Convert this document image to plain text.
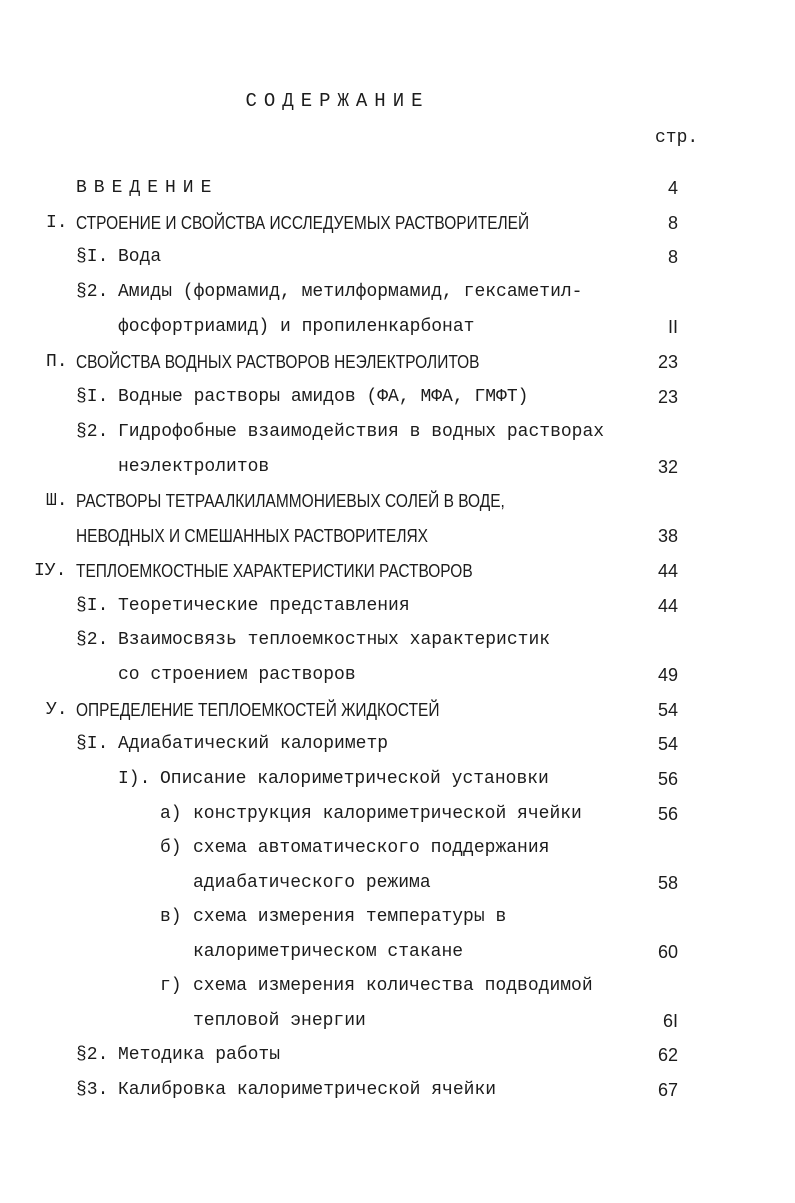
СОДЕРЖАНИЕ
стр.
ВВЕДЕНИЕ	4
I. СТРОЕНИЕ И СВОЙСТВА ИССЛЕДУЕМЫХ РАСТВОРИТЕЛЕЙ	8
§I. Вода	8
§2. Амиды (формамид, метилформамид, гексаметил-
фосфортриамид) и пропиленкарбонат	II
П. СВОЙСТВА ВОДНЫХ РАСТВОРОВ НЕЭЛЕКТРОЛИТОВ	23
§I. Водные растворы амидов (ФА, МФА, ГМФТ)	23
§2. Гидрофобные взаимодействия в водных растворах
неэлектролитов	32
Ш. РАСТВОРЫ ТЕТРААЛКИЛАММОНИЕВЫХ СОЛЕЙ В ВОДЕ,
НЕВОДНЫХ И СМЕШАННЫХ РАСТВОРИТЕЛЯХ	38
IУ. ТЕПЛОЕМКОСТНЫЕ ХАРАКТЕРИСТИКИ РАСТВОРОВ	44
§I. Теоретические представления	44
§2. Взаимосвязь теплоемкостных характеристик
со строением растворов	49
У. ОПРЕДЕЛЕНИЕ ТЕПЛОЕМКОСТЕЙ ЖИДКОСТЕЙ	54
§I. Адиабатический калориметр	54
I). Описание калориметрической установки	56
а) конструкция калориметрической ячейки	56
б) схема автоматического поддержания
адиабатического режима	58
в) схема измерения температуры в
калориметрическом стакане	60
г) схема измерения количества подводимой
тепловой энергии	6I
§2. Методика работы	62
§3. Калибровка калориметрической ячейки	67
